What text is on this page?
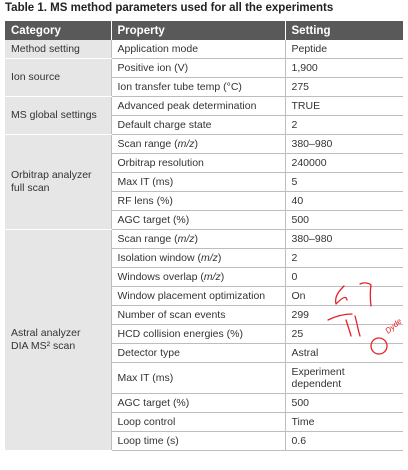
Table 1. MS method parameters used for all the experiments
Category	Property	Setting
Method setting	Application mode	Peptide
Ion source	Positive ion (V)	1,900
	Ion transfer tube temp (°C)	275
MS global settings	Advanced peak determination	TRUE
	Default charge state	2
Orbitrap analyzer
full scan	Scan range (m/z)	380–980
	Orbitrap resolution	240000
	Max IT (ms)	5
	RF lens (%)	40
	AGC target (%)	500
Astral analyzer
DIA MS² scan	Scan range (m/z)	380–980
	Isolation window (m/z)	2
	Windows overlap (m/z)	0
	Window placement optimization	On
	Number of scan events	299
	HCD collision energies (%)	25
	Detector type	Astral
	Max IT (ms)	Experiment
dependent
	AGC target (%)	500
	Loop control	Time
	Loop time (s)	0.6
Dyde
